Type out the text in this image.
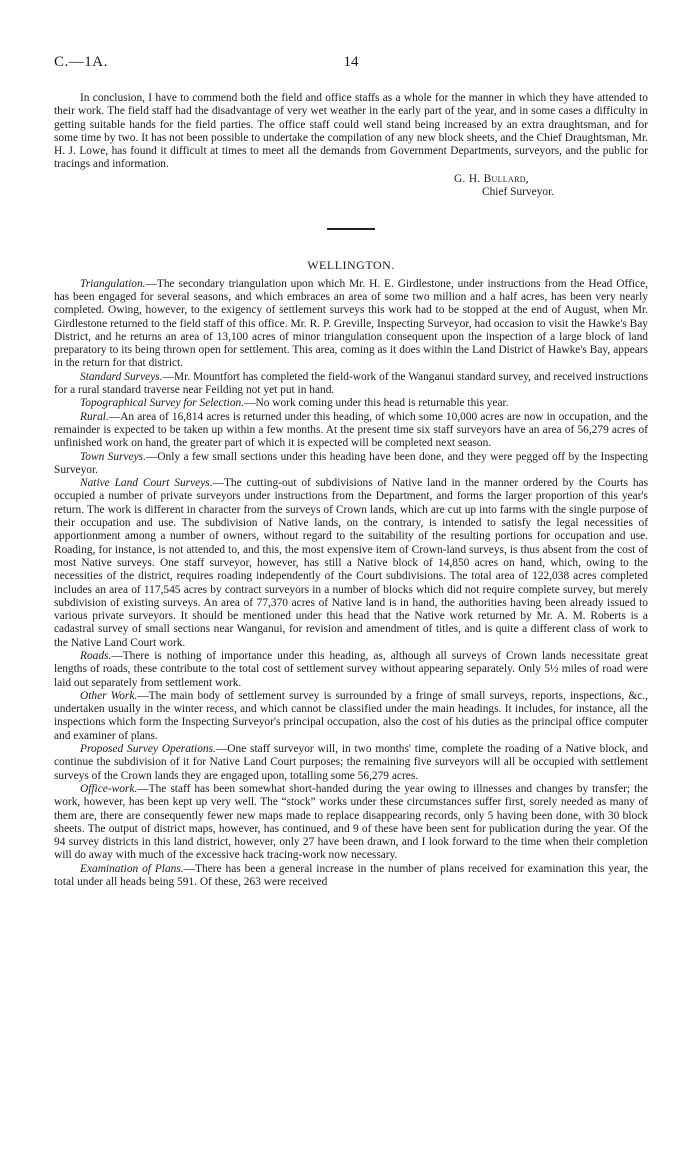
C.—1A.	14

In conclusion, I have to commend both the field and office staffs as a whole for the manner in which they have attended to their work. The field staff had the disadvantage of very wet weather in the early part of the year, and in some cases a difficulty in getting suitable hands for the field parties. The office staff could well stand being increased by an extra draughtsman, and for some time by two. It has not been possible to undertake the compilation of any new block sheets, and the Chief Draughtsman, Mr. H. J. Lowe, has found it difficult at times to meet all the demands from Government Departments, surveyors, and the public for tracings and information.

G. H. Bullard,
Chief Surveyor.
WELLINGTON.

Triangulation.—The secondary triangulation upon which Mr. H. E. Girdlestone, under instructions from the Head Office, has been engaged for several seasons, and which embraces an area of some two million and a half acres, has been very nearly completed. Owing, however, to the exigency of settlement surveys this work had to be stopped at the end of August, when Mr. Girdlestone returned to the field staff of this office. Mr. R. P. Greville, Inspecting Surveyor, had occasion to visit the Hawke's Bay District, and he returns an area of 13,100 acres of minor triangulation consequent upon the inspection of a large block of land preparatory to its being thrown open for settlement. This area, coming as it does within the Land District of Hawke's Bay, appears in the return for that district.

Standard Surveys.—Mr. Mountfort has completed the field-work of the Wanganui standard survey, and received instructions for a rural standard traverse near Feilding not yet put in hand.

Topographical Survey for Selection.—No work coming under this head is returnable this year.

Rural.—An area of 16,814 acres is returned under this heading, of which some 10,000 acres are now in occupation, and the remainder is expected to be taken up within a few months. At the present time six staff surveyors have an area of 56,279 acres of unfinished work on hand, the greater part of which it is expected will be completed next season.

Town Surveys.—Only a few small sections under this heading have been done, and they were pegged off by the Inspecting Surveyor.

Native Land Court Surveys.—The cutting-out of subdivisions of Native land in the manner ordered by the Courts has occupied a number of private surveyors under instructions from the Department, and forms the larger proportion of this year's return. The work is different in character from the surveys of Crown lands, which are cut up into farms with the single purpose of their occupation and use. The subdivision of Native lands, on the contrary, is intended to satisfy the legal necessities of apportionment among a number of owners, without regard to the suitability of the resulting portions for occupation and use. Roading, for instance, is not attended to, and this, the most expensive item of Crown-land surveys, is thus absent from the cost of most Native surveys. One staff surveyor, however, has still a Native block of 14,850 acres on hand, which, owing to the necessities of the district, requires roading independently of the Court subdivisions. The total area of 122,038 acres completed includes an area of 117,545 acres by contract surveyors in a number of blocks which did not require complete survey, but merely subdivision of existing surveys. An area of 77,370 acres of Native land is in hand, the authorities having been already issued to various private surveyors. It should be mentioned under this head that the Native work returned by Mr. A. M. Roberts is a cadastral survey of small sections near Wanganui, for revision and amendment of titles, and is quite a different class of work to the Native Land Court work.

Roads.—There is nothing of importance under this heading, as, although all surveys of Crown lands necessitate great lengths of roads, these contribute to the total cost of settlement survey without appearing separately. Only 5½ miles of road were laid out separately from settlement work.

Other Work.—The main body of settlement survey is surrounded by a fringe of small surveys, reports, inspections, &c., undertaken usually in the winter recess, and which cannot be classified under the main headings. It includes, for instance, all the inspections which form the Inspecting Surveyor's principal occupation, also the cost of his duties as the principal office computer and examiner of plans.

Proposed Survey Operations.—One staff surveyor will, in two months' time, complete the roading of a Native block, and continue the subdivision of it for Native Land Court purposes; the remaining five surveyors will all be occupied with settlement surveys of the Crown lands they are engaged upon, totalling some 56,279 acres.

Office-work.—The staff has been somewhat short-handed during the year owing to illnesses and changes by transfer; the work, however, has been kept up very well. The “stock” works under these circumstances suffer first, sorely needed as many of them are, there are consequently fewer new maps made to replace disappearing records, only 5 having been done, with 30 block sheets. The output of district maps, however, has continued, and 9 of these have been sent for publication during the year. Of the 94 survey districts in this land district, however, only 27 have been drawn, and I look forward to the time when their completion will do away with much of the excessive hack tracing-work now necessary.

Examination of Plans.—There has been a general increase in the number of plans received for examination this year, the total under all heads being 591. Of these, 263 were received
